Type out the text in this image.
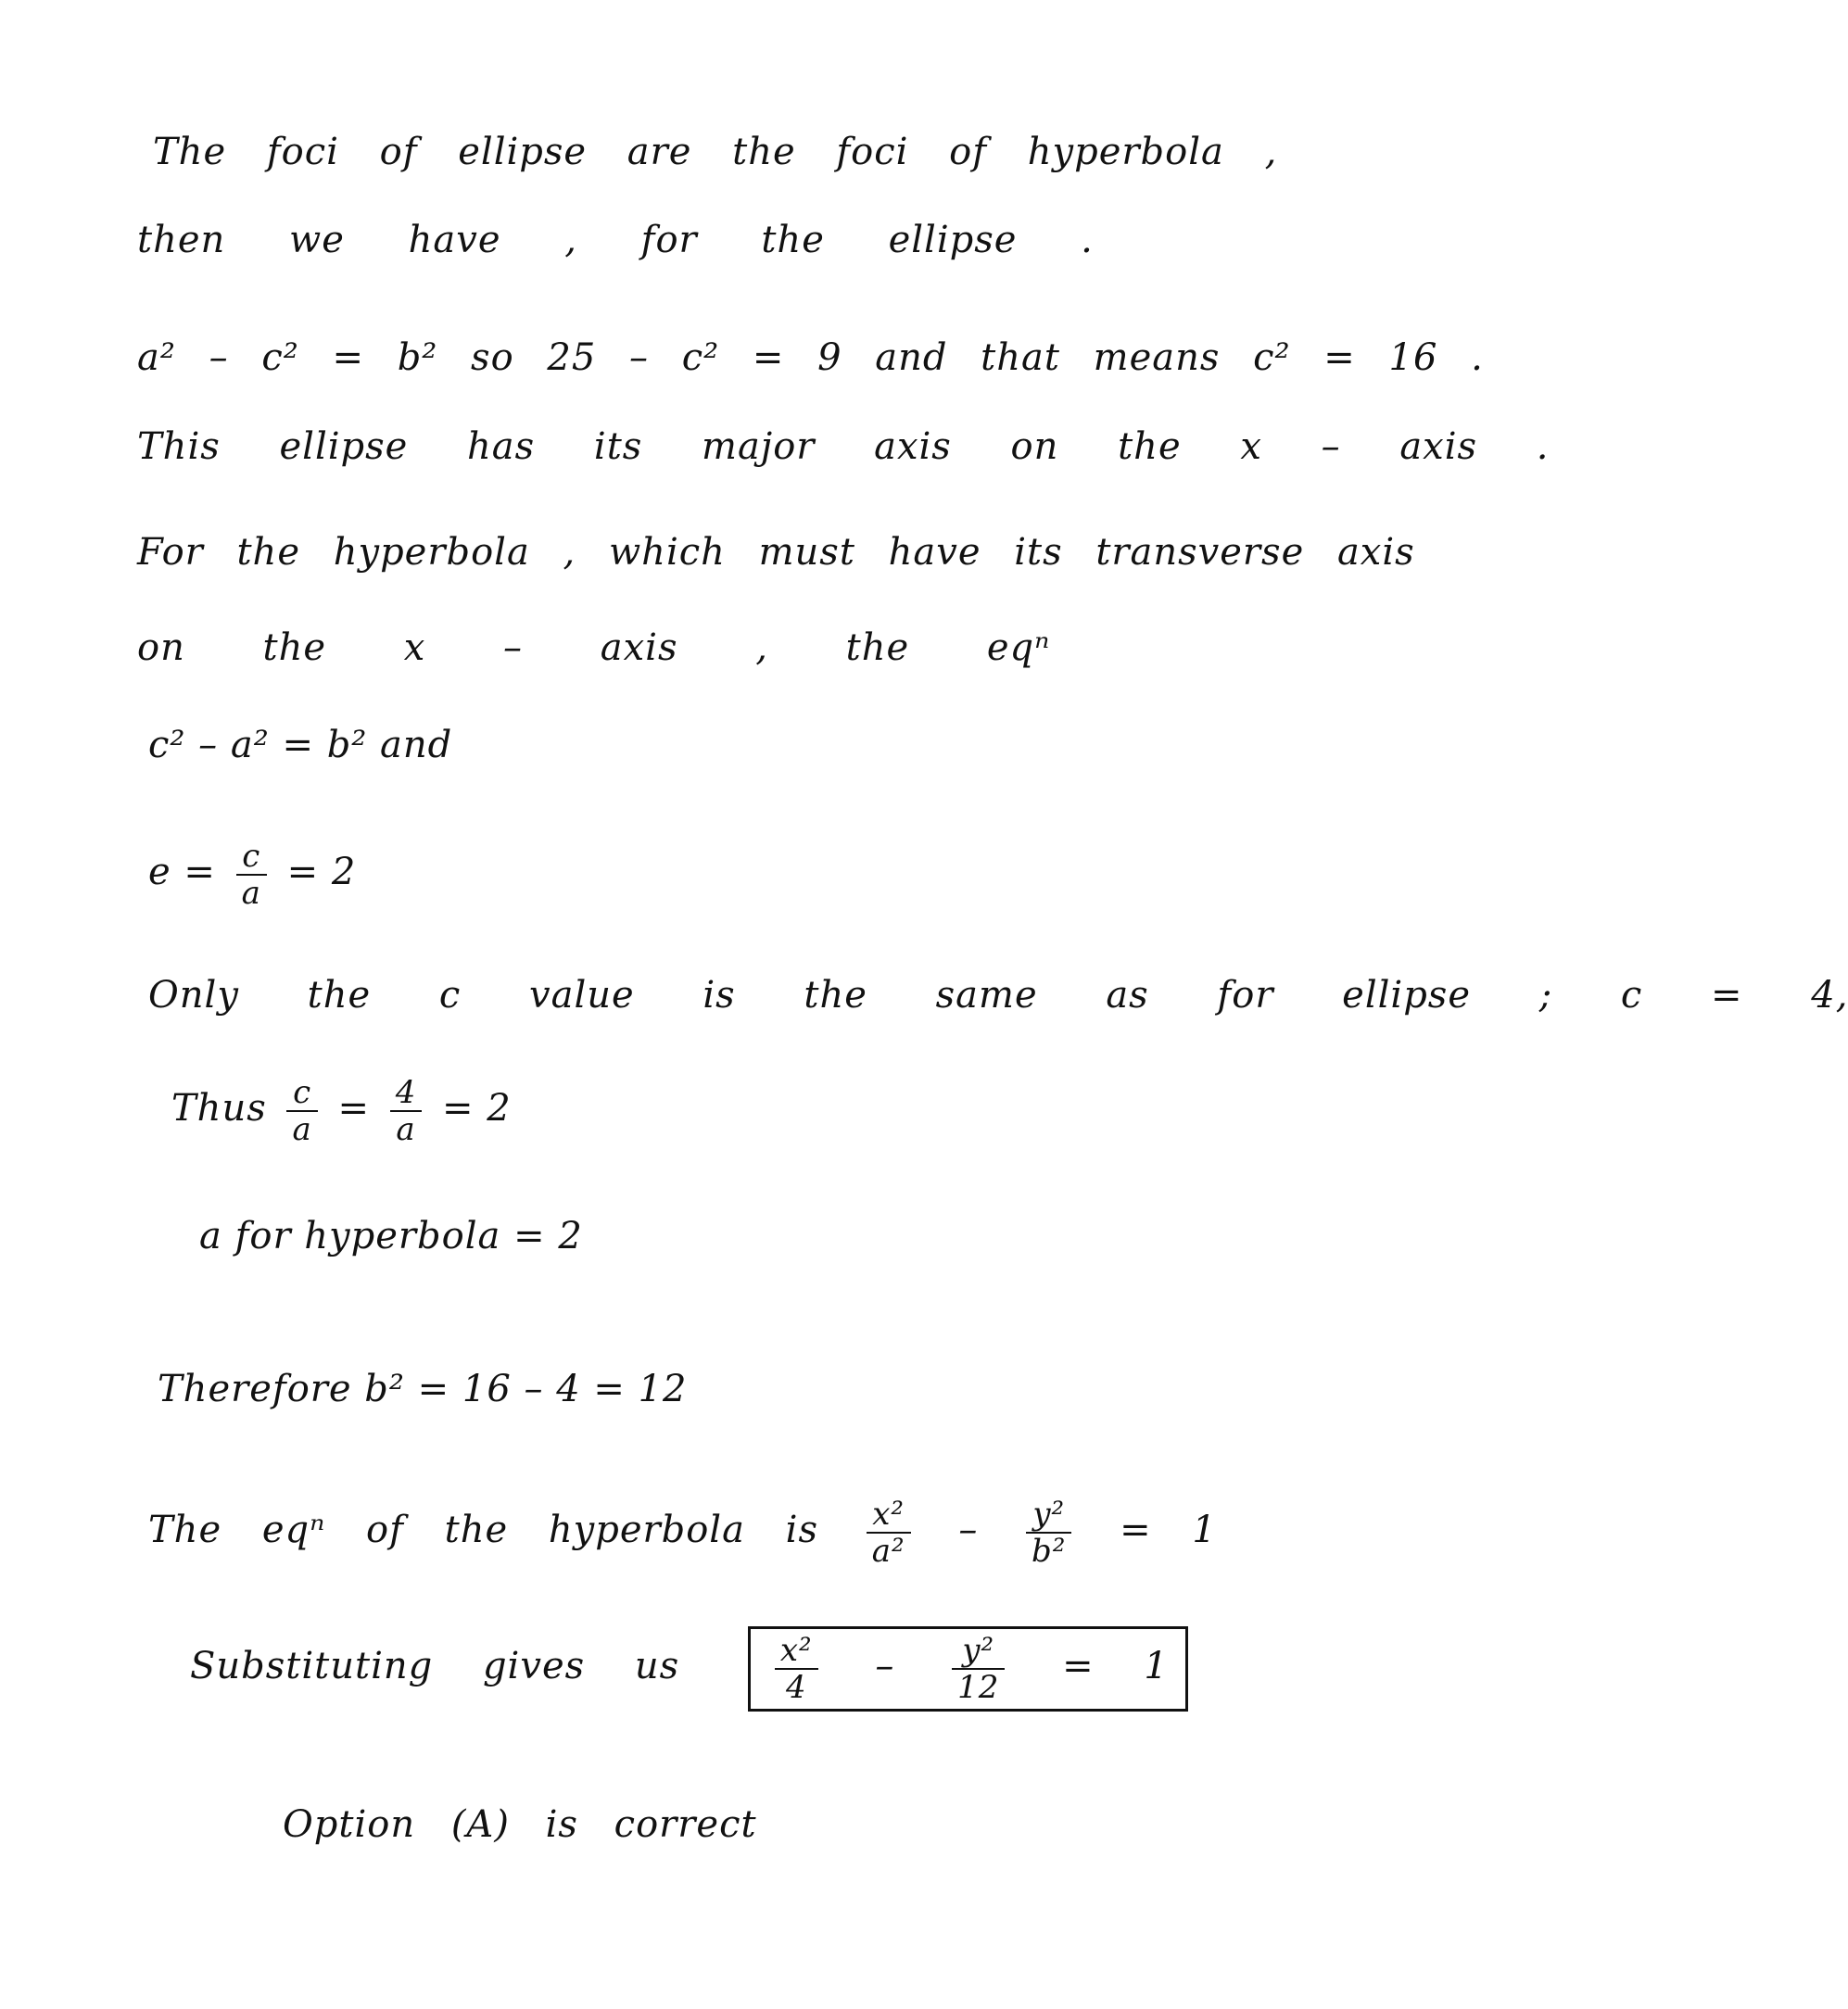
The foci of ellipse are the foci of hyperbola ,
then we have , for the ellipse .
a² – c² = b² so 25 – c² = 9 and that means c² = 16 .
This ellipse has its major axis on the x – axis .
For the hyperbola , which must have its transverse axis
on the x – axis , the eqⁿ
c² – a² = b² and
$e = \frac{c}{a} = 2$
Only the c value is the same as for ellipse ; c = 4,
Thus $\frac{c}{a} = \frac{4}{a} = 2$
a for hyperbola = 2
Therefore b² = 16 – 4 = 12
The eqⁿ of the hyperbola is $\frac{\text{x²}}{\text{a²}} - \frac{\text{y²}}{\text{b²}} = 1$
Substituting gives us	$\frac{\text{x²}}{4} - \frac{\text{y²}}{12} = 1$
Option (A) is correct
